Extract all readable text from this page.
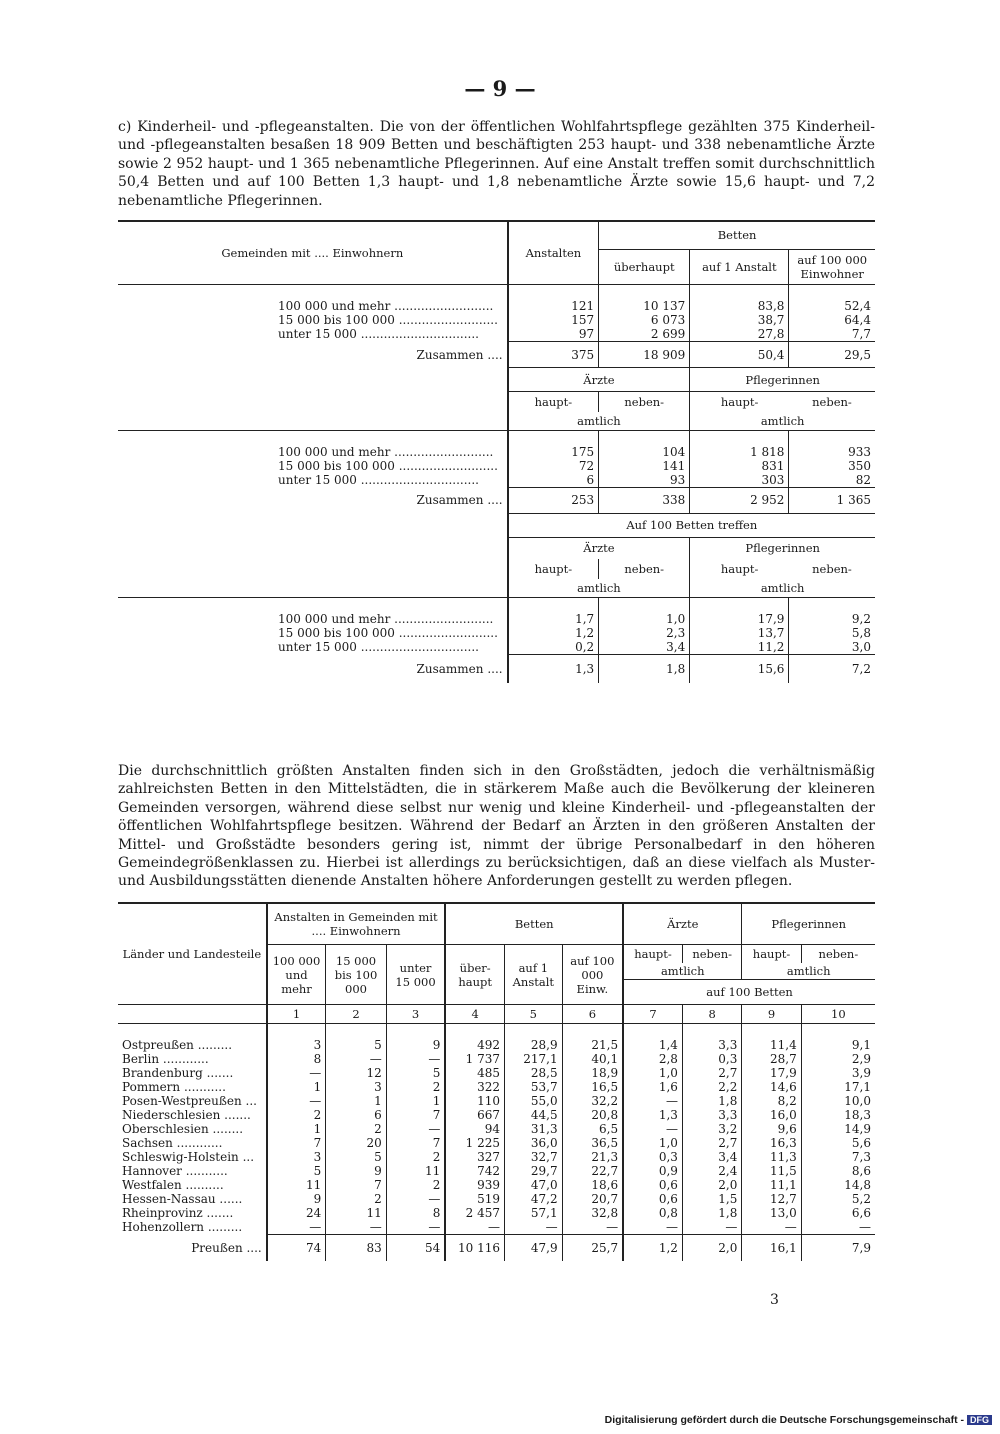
— 9 —
c) Kinderheil- und -pflegeanstalten. Die von der öffentlichen Wohlfahrtspflege gezählten 375 Kinderheil- und -pflegeanstalten besaßen 18 909 Betten und beschäftigten 253 haupt- und 338 nebenamtliche Ärzte sowie 2 952 haupt- und 1 365 nebenamtliche Pflegerinnen. Auf eine Anstalt treffen somit durchschnittlich 50,4 Betten und auf 100 Betten 1,3 haupt- und 1,8 nebenamtliche Ärzte sowie 15,6 haupt- und 7,2 nebenamtliche Pflegerinnen.
Gemeinden mit .... Einwohnern	Anstalten	Betten		
		überhaupt	auf 1 Anstalt	auf 100 000 Einwohner

100 000 und mehr ..........................	121	10 137	83,8	52,4
15 000 bis 100 000 ..........................	157	6 073	38,7	64,4
unter 15 000 ...............................	97	2 699	27,8	7,7
Zusammen ....	375	18 909	50,4	29,5
	Ärzte		Pflegerinnen	
	haupt-	neben-	haupt-	neben-
	amtlich		amtlich	

100 000 und mehr ..........................	175	104	1 818	933
15 000 bis 100 000 ..........................	72	141	831	350
unter 15 000 ...............................	6	93	303	82
Zusammen ....	253	338	2 952	1 365
	Auf 100 Betten treffen			
	Ärzte		Pflegerinnen	
	haupt-	neben-	haupt-	neben-
	amtlich		amtlich	

100 000 und mehr ..........................	1,7	1,0	17,9	9,2
15 000 bis 100 000 ..........................	1,2	2,3	13,7	5,8
unter 15 000 ...............................	0,2	3,4	11,2	3,0
Zusammen ....	1,3	1,8	15,6	7,2
Die durchschnittlich größten Anstalten finden sich in den Großstädten, jedoch die verhältnismäßig zahlreichsten Betten in den Mittelstädten, die in stärkerem Maße auch die Bevölkerung der kleineren Gemeinden versorgen, während diese selbst nur wenig und kleine Kinderheil- und -pflegeanstalten der öffentlichen Wohlfahrtspflege besitzen. Während der Bedarf an Ärzten in den größeren Anstalten der Mittel- und Großstädte besonders gering ist, nimmt der übrige Personalbedarf in den höheren Gemeindegrößenklassen zu. Hierbei ist allerdings zu berücksichtigen, daß an diese vielfach als Muster- und Ausbildungsstätten dienende Anstalten höhere Anforderungen gestellt zu werden pflegen.
Länder und Landesteile	Anstalten in Gemeinden mit .... Einwohnern			Betten			Ärzte		Pflegerinnen	
	100 000 und mehr	15 000 bis 100 000	unter 15 000	über- haupt	auf 1 Anstalt	auf 100 000 Einw.	haupt-	neben-	haupt-	neben-
							amtlich		amtlich	
							auf 100 Betten			
	1	2	3	4	5	6	7	8	9	10

Ostpreußen .........	3	5	9	492	28,9	21,5	1,4	3,3	11,4	9,1
Berlin ............	8	—	—	1 737	217,1	40,1	2,8	0,3	28,7	2,9
Brandenburg .......	—	12	5	485	28,5	18,9	1,0	2,7	17,9	3,9
Pommern ...........	1	3	2	322	53,7	16,5	1,6	2,2	14,6	17,1
Posen-Westpreußen ...	—	1	1	110	55,0	32,2	—	1,8	8,2	10,0
Niederschlesien .......	2	6	7	667	44,5	20,8	1,3	3,3	16,0	18,3
Oberschlesien ........	1	2	—	94	31,3	6,5	—	3,2	9,6	14,9
Sachsen ............	7	20	7	1 225	36,0	36,5	1,0	2,7	16,3	5,6
Schleswig-Holstein ...	3	5	2	327	32,7	21,3	0,3	3,4	11,3	7,3
Hannover ...........	5	9	11	742	29,7	22,7	0,9	2,4	11,5	8,6
Westfalen ..........	11	7	2	939	47,0	18,6	0,6	2,0	11,1	14,8
Hessen-Nassau ......	9	2	—	519	47,2	20,7	0,6	1,5	12,7	5,2
Rheinprovinz .......	24	11	8	2 457	57,1	32,8	0,8	1,8	13,0	6,6
Hohenzollern .........	—	—	—	—	—	—	—	—	—	—
Preußen ....	74	83	54	10 116	47,9	25,7	1,2	2,0	16,1	7,9
3
Digitalisierung gefördert durch die Deutsche Forschungsgemeinschaft - DFG
